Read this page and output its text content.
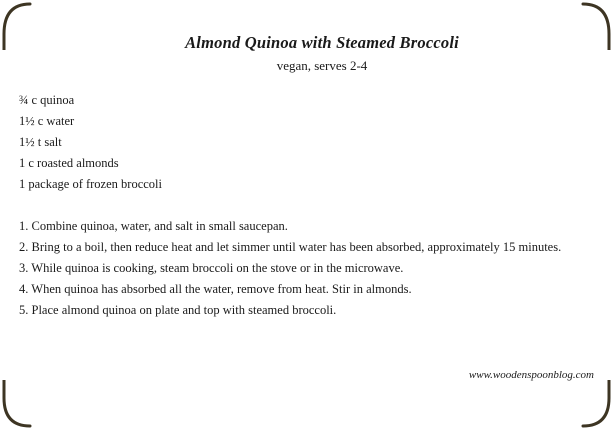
Almond Quinoa with Steamed Broccoli
vegan, serves 2-4
¾ c quinoa
1½ c water
1½ t salt
1 c roasted almonds
1 package of frozen broccoli
1. Combine quinoa, water, and salt in small saucepan.
2. Bring to a boil, then reduce heat and let simmer until water has been absorbed, approximately 15 minutes.
3. While quinoa is cooking, steam broccoli on the stove or in the microwave.
4. When quinoa has absorbed all the water, remove from heat. Stir in almonds.
5. Place almond quinoa on plate and top with steamed broccoli.
www.woodenspoonblog.com
